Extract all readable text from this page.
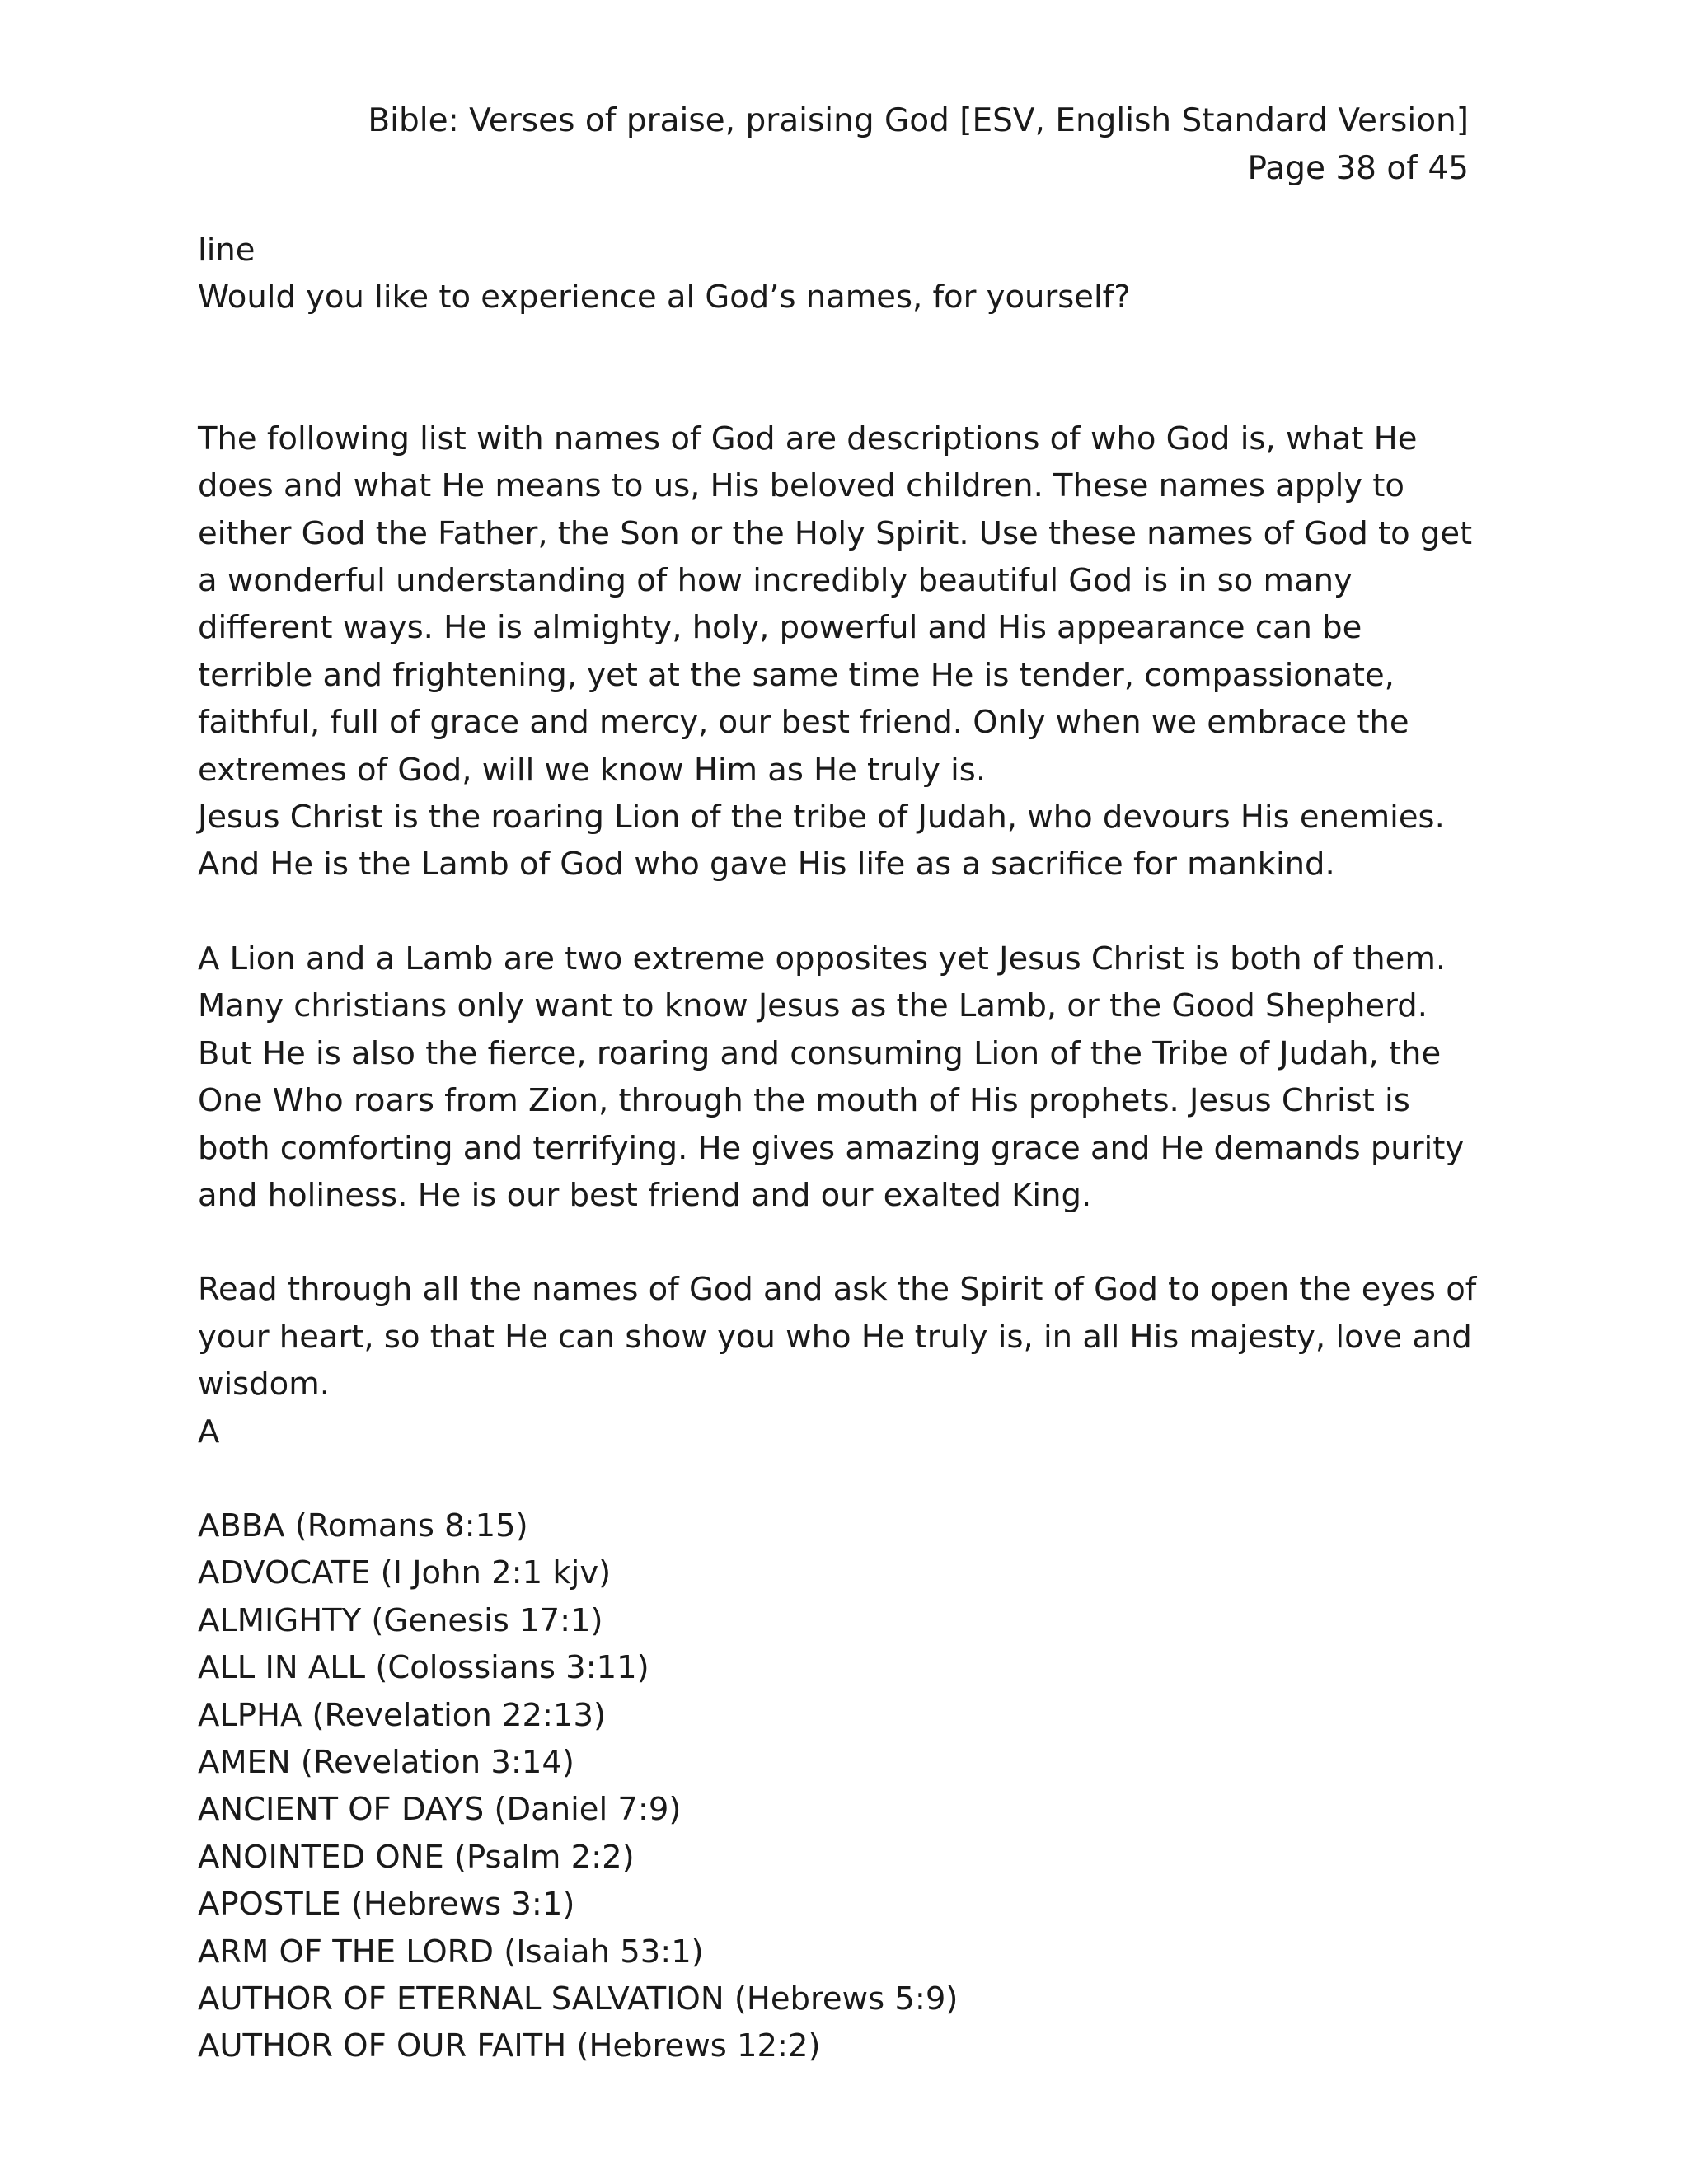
Bible: Verses of praise, praising God [ESV, English Standard Version]
Page 38 of 45

line

Would you like to experience al God’s names, for yourself?

The following list with names of God are descriptions of who God is, what He does and what He means to us, His beloved children. These names apply to either God the Father, the Son or the Holy Spirit. Use these names of God to get a wonderful understanding of how incredibly beautiful God is in so many different ways. He is almighty, holy, powerful and His appearance can be terrible and frightening, yet at the same time He is tender, compassionate, faithful, full of grace and mercy, our best friend. Only when we embrace the extremes of God, will we know Him as He truly is.

Jesus Christ is the roaring Lion of the tribe of Judah, who devours His enemies. And He is the Lamb of God who gave His life as a sacrifice for mankind.

A Lion and a Lamb are two extreme opposites yet Jesus Christ is both of them. Many christians only want to know Jesus as the Lamb, or the Good Shepherd. But He is also the fierce, roaring and consuming Lion of the Tribe of Judah, the One Who roars from Zion, through the mouth of His prophets. Jesus Christ is both comforting and terrifying. He gives amazing grace and He demands purity and holiness. He is our best friend and our exalted King.

Read through all the names of God and ask the Spirit of God to open the eyes of your heart, so that He can show you who He truly is, in all His majesty, love and wisdom.

A

ABBA (Romans 8:15)
ADVOCATE (I John 2:1 kjv)
ALMIGHTY (Genesis 17:1)
ALL IN ALL (Colossians 3:11)
ALPHA (Revelation 22:13)
AMEN (Revelation 3:14)
ANCIENT OF DAYS (Daniel 7:9)
ANOINTED ONE (Psalm 2:2)
APOSTLE (Hebrews 3:1)
ARM OF THE LORD (Isaiah 53:1)
AUTHOR OF ETERNAL SALVATION (Hebrews 5:9)
AUTHOR OF OUR FAITH (Hebrews 12:2)
